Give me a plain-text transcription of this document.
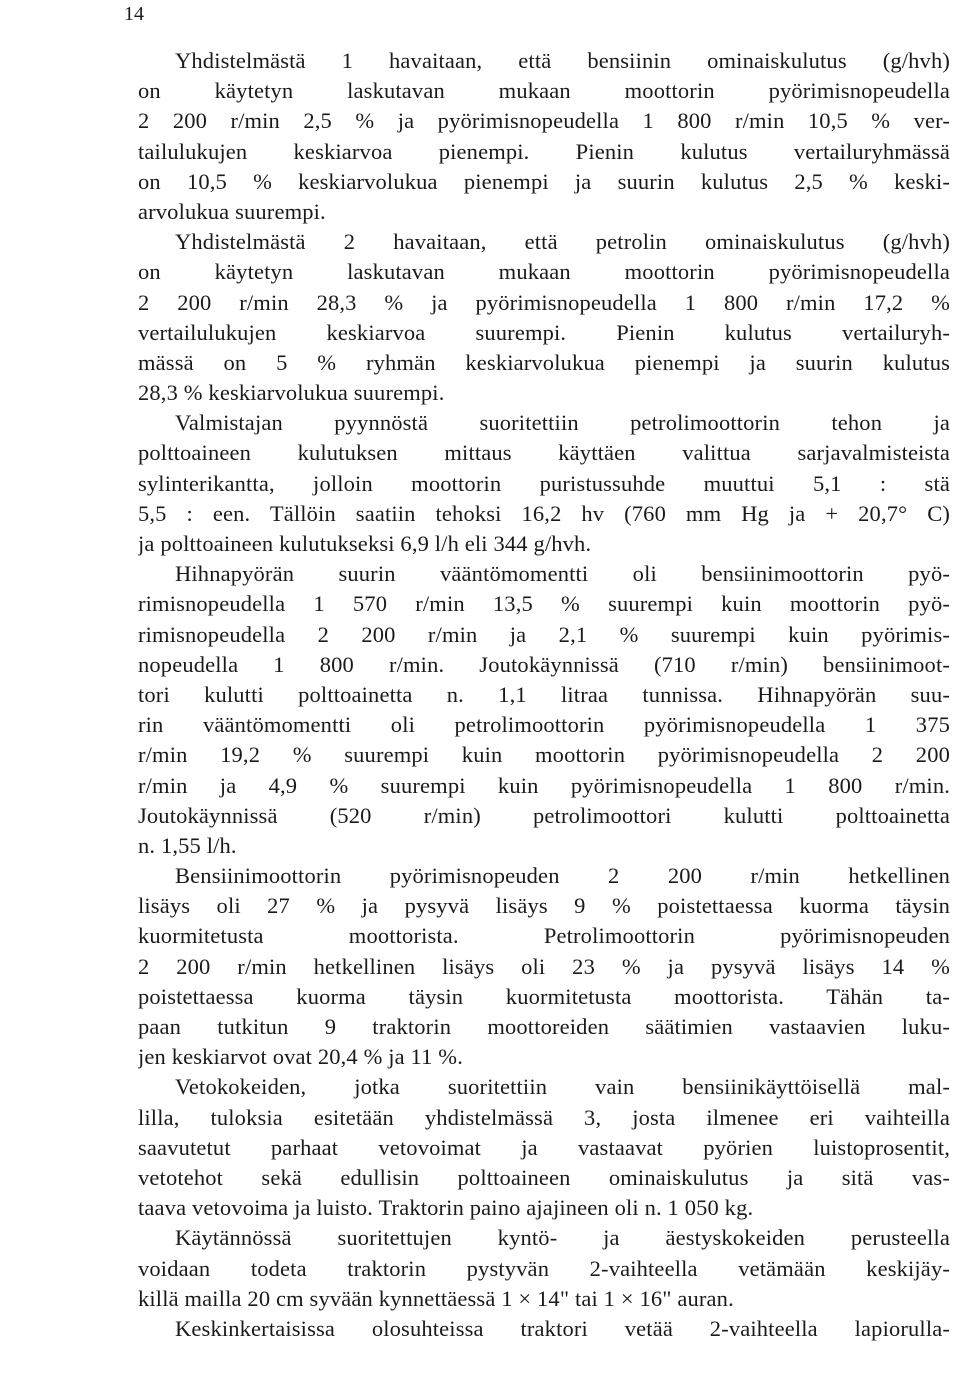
14
Yhdistelmästä 1 havaitaan, että bensiinin ominaiskulutus (g/hvh)
on käytetyn laskutavan mukaan moottorin pyörimisnopeudella
2 200 r/min 2,5 % ja pyörimisnopeudella 1 800 r/min 10,5 % ver-
tailulukujen keskiarvoa pienempi. Pienin kulutus vertailuryhmässä
on 10,5 % keskiarvolukua pienempi ja suurin kulutus 2,5 % keski-
arvolukua suurempi.
Yhdistelmästä 2 havaitaan, että petrolin ominaiskulutus (g/hvh)
on käytetyn laskutavan mukaan moottorin pyörimisnopeudella
2 200 r/min 28,3 % ja pyörimisnopeudella 1 800 r/min 17,2 %
vertailulukujen keskiarvoa suurempi. Pienin kulutus vertailuryh-
mässä on 5 % ryhmän keskiarvolukua pienempi ja suurin kulutus
28,3 % keskiarvolukua suurempi.
Valmistajan pyynnöstä suoritettiin petrolimoottorin tehon ja
polttoaineen kulutuksen mittaus käyttäen valittua sarjavalmisteista
sylinterikantta, jolloin moottorin puristussuhde muuttui 5,1 : stä
5,5 : een. Tällöin saatiin tehoksi 16,2 hv (760 mm Hg ja + 20,7° C)
ja polttoaineen kulutukseksi 6,9 l/h eli 344 g/hvh.
Hihnapyörän suurin vääntömomentti oli bensiinimoottorin pyö-
rimisnopeudella 1 570 r/min 13,5 % suurempi kuin moottorin pyö-
rimisnopeudella 2 200 r/min ja 2,1 % suurempi kuin pyörimis-
nopeudella 1 800 r/min. Joutokäynnissä (710 r/min) bensiinimoot-
tori kulutti polttoainetta n. 1,1 litraa tunnissa. Hihnapyörän suu-
rin vääntömomentti oli petrolimoottorin pyörimisnopeudella 1 375
r/min 19,2 % suurempi kuin moottorin pyörimisnopeudella 2 200
r/min ja 4,9 % suurempi kuin pyörimisnopeudella 1 800 r/min.
Joutokäynnissä (520 r/min) petrolimoottori kulutti polttoainetta
n. 1,55 l/h.
Bensiinimoottorin pyörimisnopeuden 2 200 r/min hetkellinen
lisäys oli 27 % ja pysyvä lisäys 9 % poistettaessa kuorma täysin
kuormitetusta moottorista. Petrolimoottorin pyörimisnopeuden
2 200 r/min hetkellinen lisäys oli 23 % ja pysyvä lisäys 14 %
poistettaessa kuorma täysin kuormitetusta moottorista. Tähän ta-
paan tutkitun 9 traktorin moottoreiden säätimien vastaavien luku-
jen keskiarvot ovat 20,4 % ja 11 %.
Vetokokeiden, jotka suoritettiin vain bensiinikäyttöisellä mal-
lilla, tuloksia esitetään yhdistelmässä 3, josta ilmenee eri vaihteilla
saavutetut parhaat vetovoimat ja vastaavat pyörien luistoprosentit,
vetotehot sekä edullisin polttoaineen ominaiskulutus ja sitä vas-
taava vetovoima ja luisto. Traktorin paino ajajineen oli n. 1 050 kg.
Käytännössä suoritettujen kyntö- ja äestyskokeiden perusteella
voidaan todeta traktorin pystyvän 2-vaihteella vetämään keskijäy-
killä mailla 20 cm syvään kynnettäessä 1 × 14" tai 1 × 16" auran.
Keskinkertaisissa olosuhteissa traktori vetää 2-vaihteella lapiorulla-
